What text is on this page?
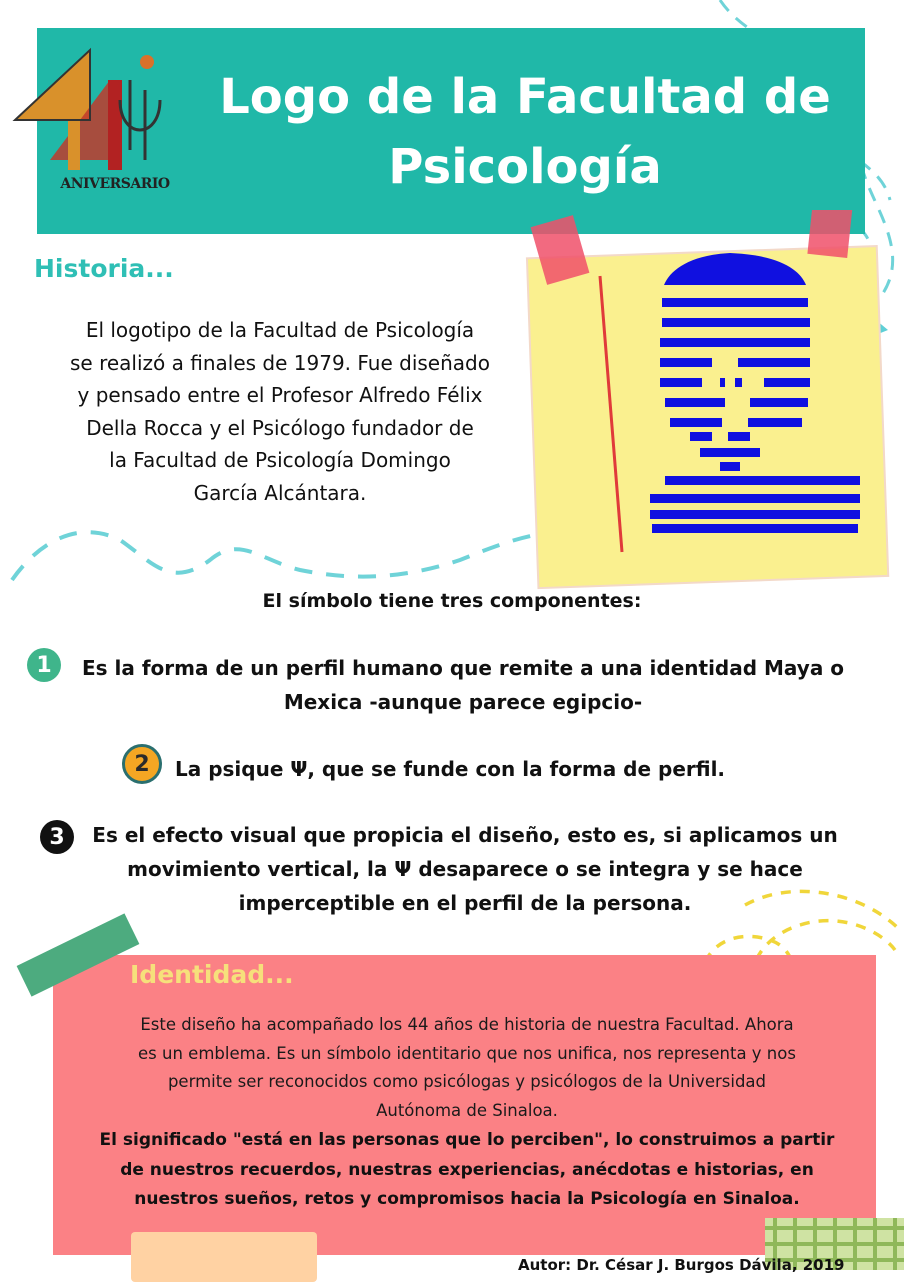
ANIVERSARIO
Logo de la Facultad de
Psicología
Historia...
El logotipo de la Facultad de Psicología
se realizó a finales de 1979. Fue diseñado
y pensado entre el Profesor Alfredo Félix
Della Rocca y el Psicólogo fundador de
la Facultad de Psicología Domingo
García Alcántara.
El símbolo tiene tres componentes:
1	Es la forma de un perfil humano que remite a una identidad Maya o
Mexica -aunque parece egipcio-
2	La psique Ψ, que se funde con la forma de perfil.
3	Es el efecto visual que propicia el diseño, esto es, si aplicamos un
movimiento vertical, la Ψ desaparece o se integra y se hace
imperceptible en el perfil de la persona.
Identidad...
Este diseño ha acompañado los 44 años de historia de nuestra Facultad. Ahora
es un emblema. Es un símbolo identitario que nos unifica, nos representa y nos
permite ser reconocidos como psicólogas y psicólogos de la Universidad
Autónoma de Sinaloa.
El significado "está en las personas que lo perciben", lo construimos a partir
de nuestros recuerdos, nuestras experiencias, anécdotas e historias, en
nuestros sueños, retos y compromisos hacia la Psicología en Sinaloa.
Autor: Dr. César J. Burgos Dávila, 2019
